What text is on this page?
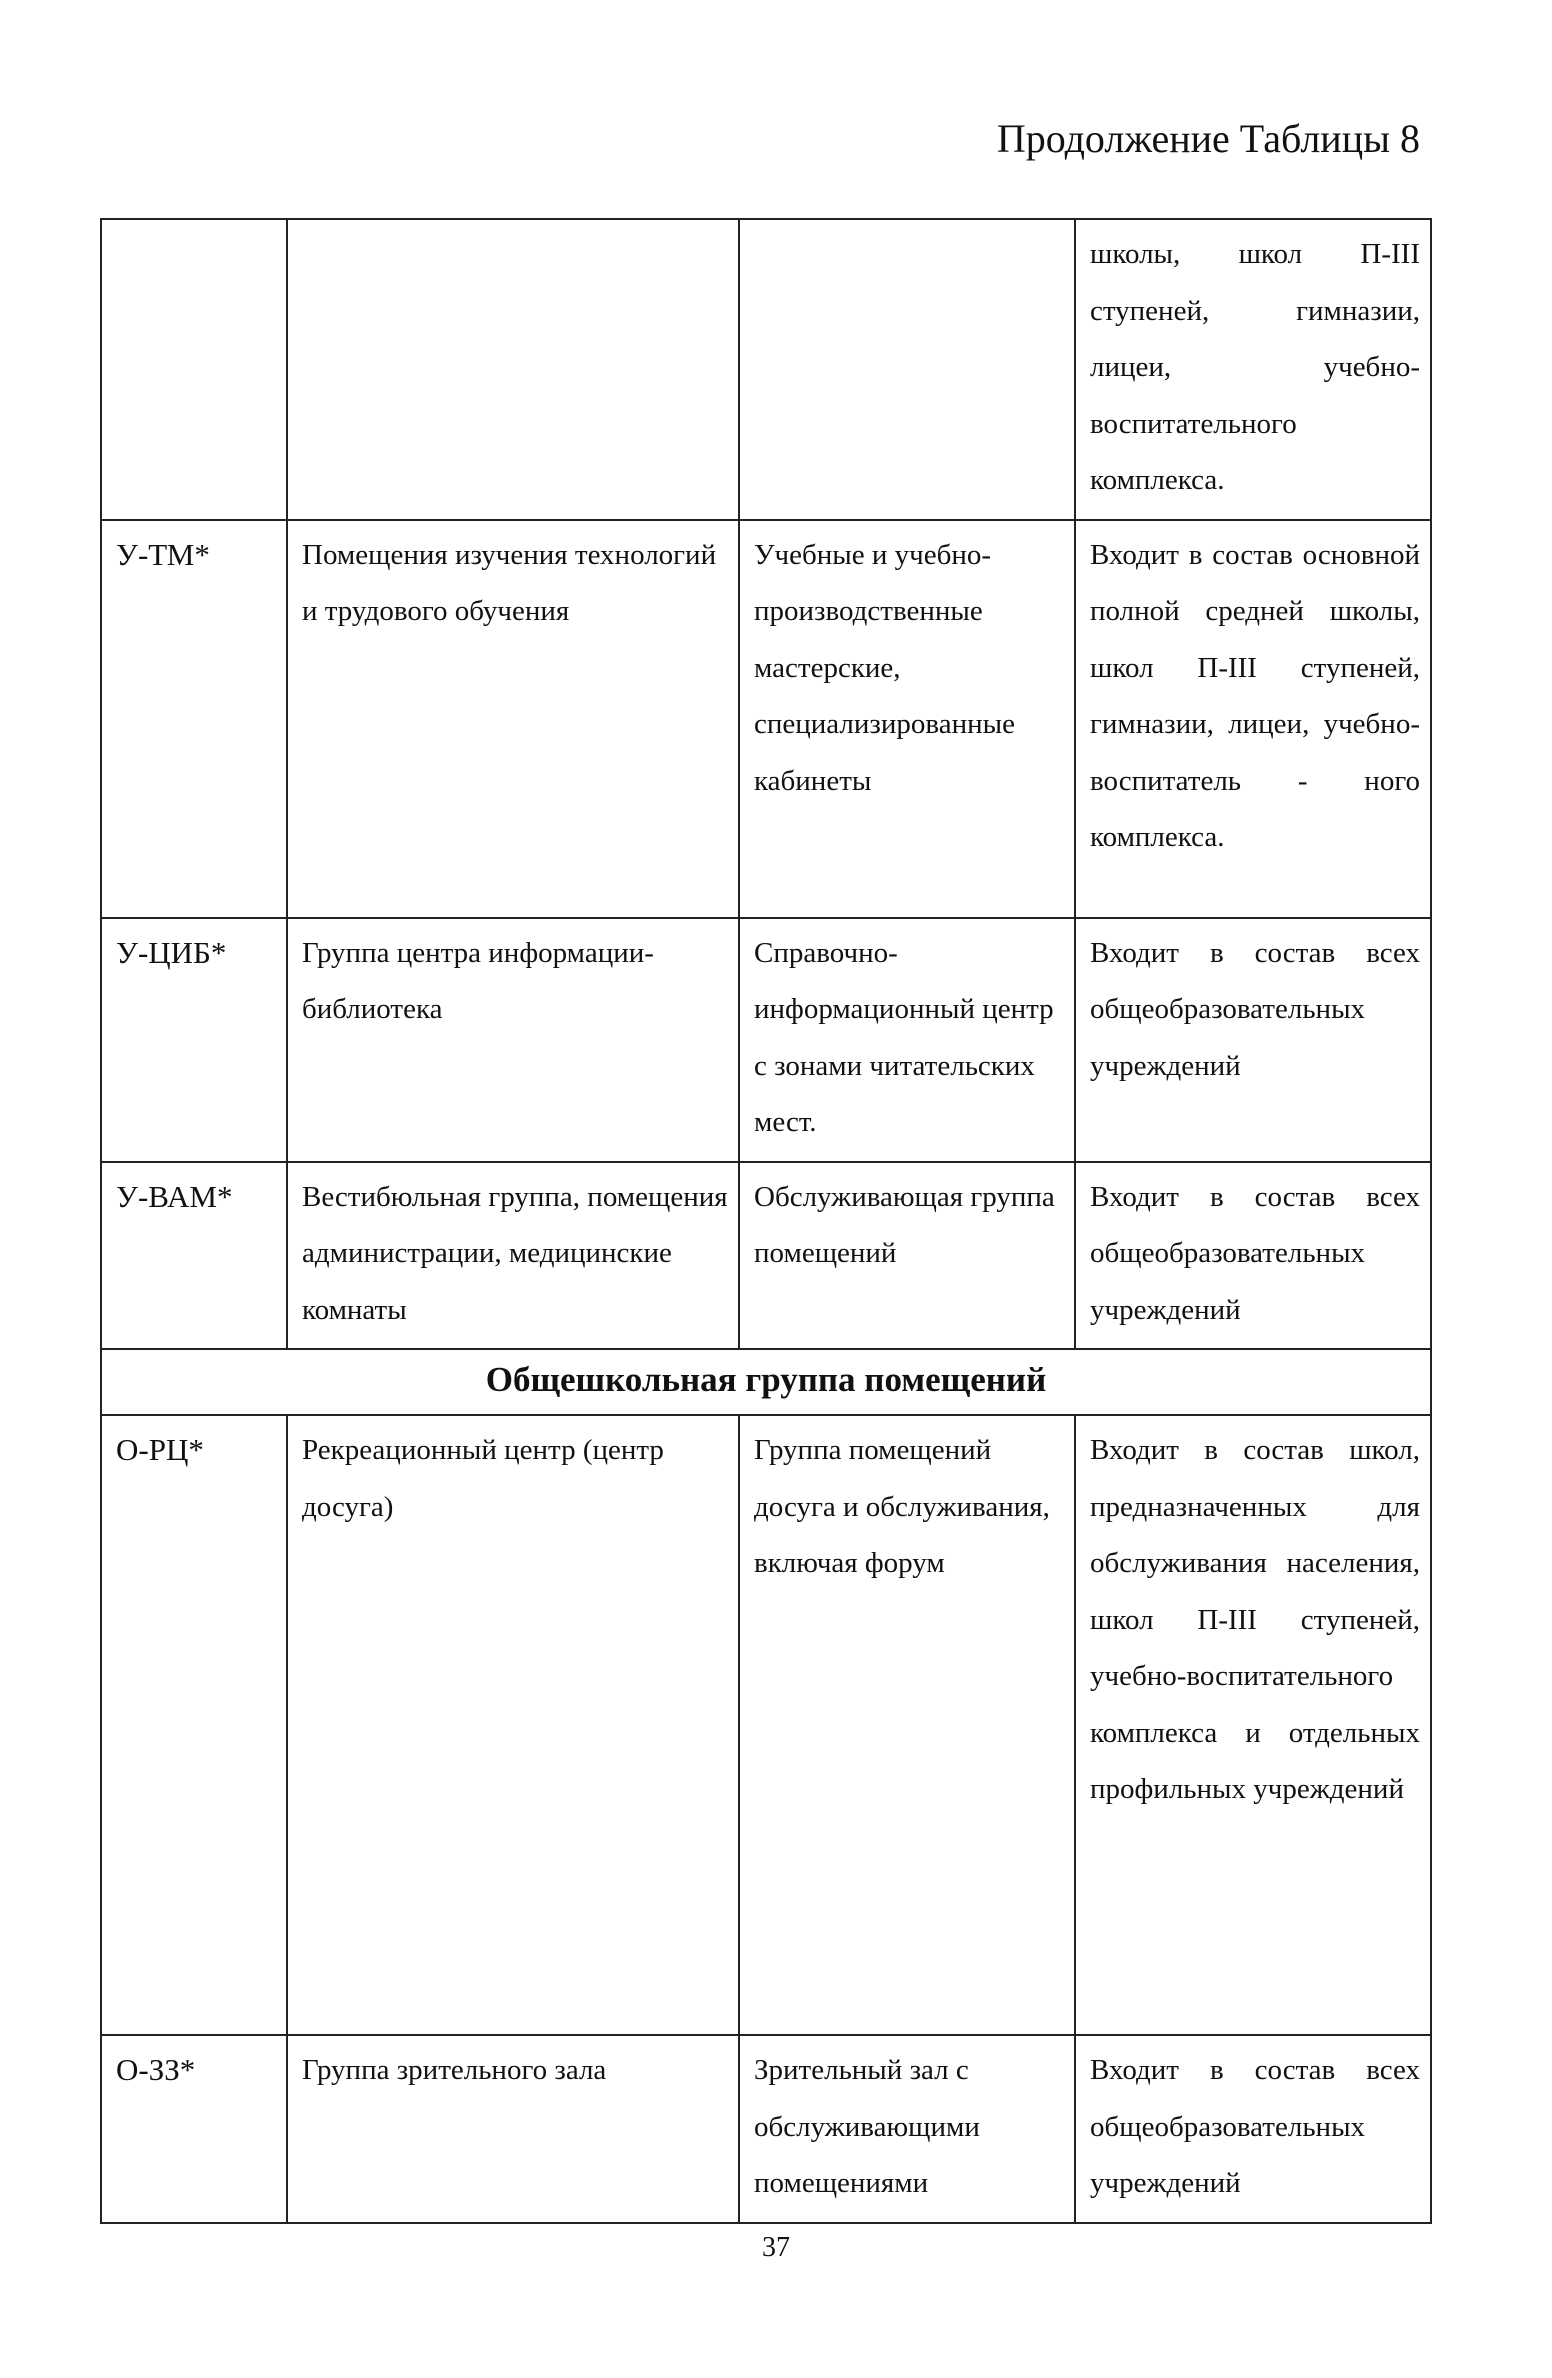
Продолжение Таблицы 8
			школы, школ П-III ступеней, гимназии, лицеи, учебно-воспитательного комплекса.
У-ТМ*	Помещения изучения технологий и трудового обучения	Учебные и учебно-производственные мастерские, специализированные кабинеты	Входит в состав основной полной средней школы, школ П-III ступеней, гимназии, лицеи, учебно-воспитатель - ного комплекса.
У-ЦИБ*	Группа центра информации-библиотека	Справочно-информационный центр с зонами читательских мест.	Входит в состав всех общеобразовательных учреждений
У-ВАМ*	Вестибюльная группа, помещения администрации, медицинские комнаты	Обслуживающая группа помещений	Входит в состав всех общеобразовательных учреждений
Общешкольная группа помещений			
О-РЦ*	Рекреационный центр (центр досуга)	Группа помещений досуга и обслуживания, включая форум	Входит в состав школ, предназначенных для обслуживания населения, школ П-III ступеней, учебно-воспитательного комплекса и отдельных профильных учреждений
О-ЗЗ*	Группа зрительного зала	Зрительный зал с обслуживающими помещениями	Входит в состав всех общеобразовательных учреждений
37
